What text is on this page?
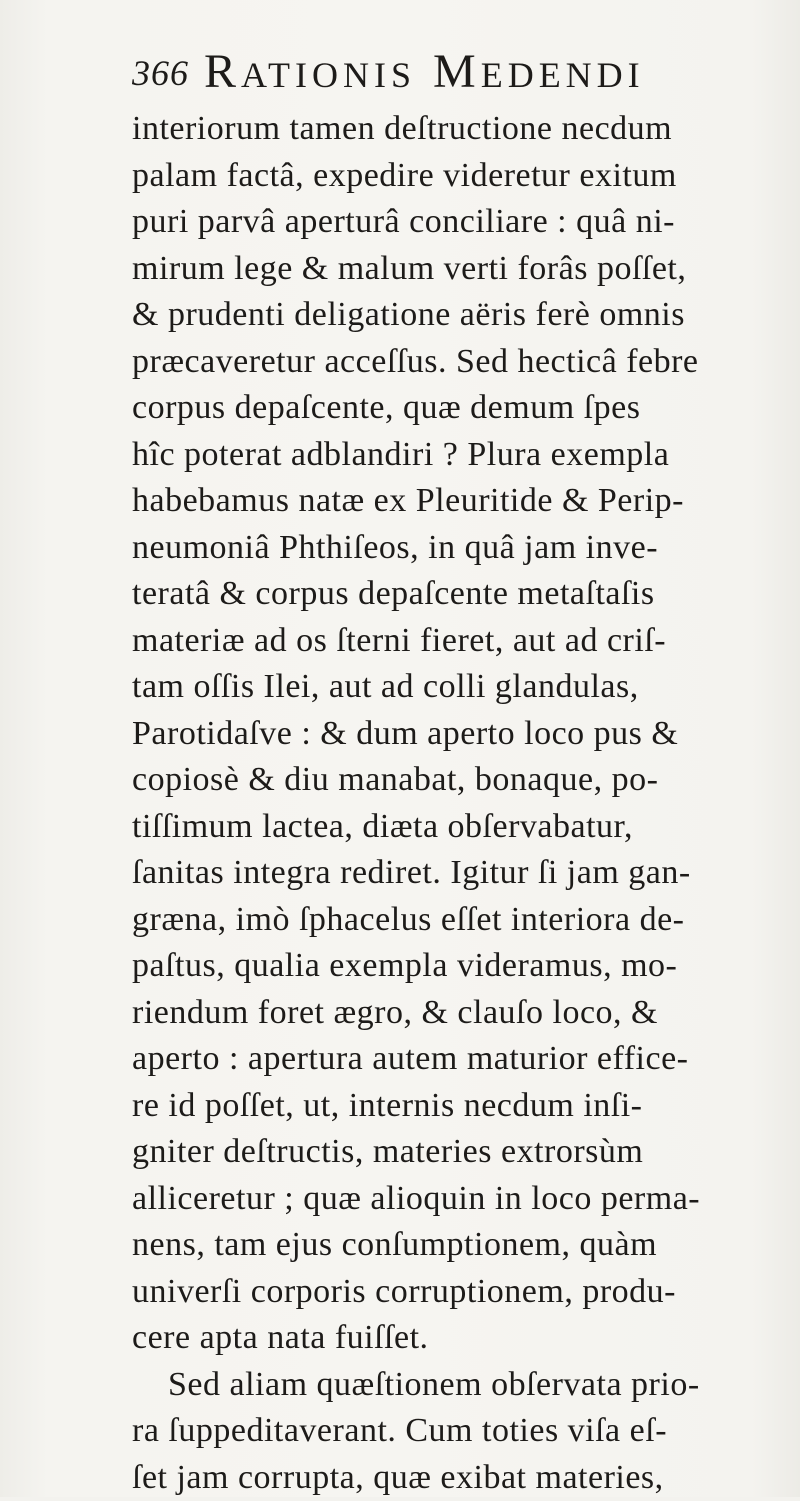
366 RATIONIS MEDENDI
interiorum tamen deſtructione necdum
palam factâ, expedire videretur exitum
puri parvâ aperturâ conciliare : quâ ni-
mirum lege & malum verti forâs poſſet,
& prudenti deligatione aëris ferè omnis
præcaveretur acceſſus. Sed hecticâ febre
corpus depaſcente, quæ demum ſpes
hîc poterat adblandiri ? Plura exempla
habebamus natæ ex Pleuritide & Perip-
neumoniâ Phthiſeos, in quâ jam inve-
teratâ & corpus depaſcente metaſtaſis
materiæ ad os ſterni fieret, aut ad criſ-
tam oſſis Ilei, aut ad colli glandulas,
Parotidaſve : & dum aperto loco pus &
copiosè & diu manabat, bonaque, po-
tiſſimum lactea, diæta obſervabatur,
ſanitas integra rediret. Igitur ſi jam gan-
græna, imò ſphacelus eſſet interiora de-
paſtus, qualia exempla videramus, mo-
riendum foret ægro, & clauſo loco, &
aperto : apertura autem maturior effice-
re id poſſet, ut, internis necdum inſi-
gniter deſtructis, materies extrorsùm
alliceretur ; quæ alioquin in loco perma-
nens, tam ejus conſumptionem, quàm
univerſi corporis corruptionem, produ-
cere apta nata fuiſſet.
Sed aliam quæſtionem obſervata prio-
ra ſuppeditaverant. Cum toties viſa eſ-
ſet jam corrupta, quæ exibat materies,
